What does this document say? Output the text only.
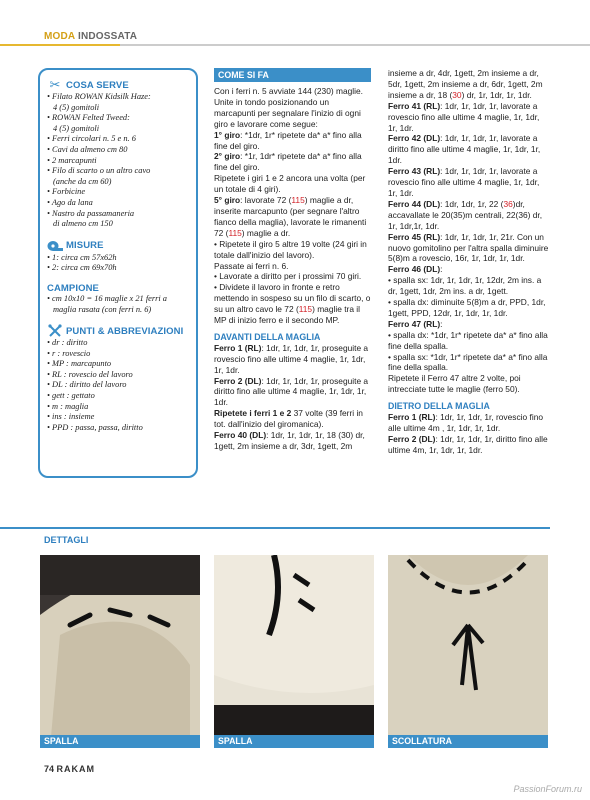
MODA INDOSSATA
✂ COSA SERVE
• Filato ROWAN Kidsilk Haze:
4 (5) gomitoli
• ROWAN Felted Tweed:
4 (5) gomitoli
• Ferri circolari n. 5 e n. 6
• Cavi da almeno cm 80
• 2 marcapunti
• Filo di scarto o un altro cavo
(anche da cm 60)
• Forbicine
• Ago da lana
• Nastro da passamaneria
di almeno cm 150
MISURE
• 1: circa cm 57x62h
• 2: circa cm 69x70h
CAMPIONE
• cm 10x10 = 16 maglie x 21 ferri a
maglia rasata (con ferri n. 6)
PUNTI & ABBREVIAZIONI
• dr : diritto
• r : rovescio
• MP : marcapunto
• RL : rovescio del lavoro
• DL : diritto del lavoro
• gett : gettato
• m : maglia
• ins : insieme
• PPD : passa, passa, diritto
COME SI FA

Con i ferri n. 5 avviate 144 (230) maglie. Unite in tondo posizionando un marcapunti per segnalare l'inizio di ogni giro e lavorare come segue:

1° giro: *1dr, 1r* ripetete da* a* fino alla fine del giro.

2° giro: *1r, 1dr* ripetete da* a* fino alla fine del giro.

Ripetete i giri 1 e 2 ancora una volta (per un totale di 4 giri).

5° giro: lavorate 72 (115) maglie a dr, inserite marcapunto (per segnare l'altro fianco della maglia), lavorate le rimanenti 72 (115) maglie a dr.

• Ripetete il giro 5 altre 19 volte (24 giri in totale dall'inizio del lavoro).

Passate ai ferri n. 6.

• Lavorate a diritto per i prossimi 70 giri.

• Dividete il lavoro in fronte e retro mettendo in sospeso su un filo di scarto, o su un altro cavo le 72 (115) maglie tra il MP di inizio ferro e il secondo MP.

DAVANTI DELLA MAGLIA

Ferro 1 (RL): 1dr, 1r, 1dr, 1r, proseguite a rovescio fino alle ultime 4 maglie, 1r, 1dr, 1r, 1dr.

Ferro 2 (DL): 1dr, 1r, 1dr, 1r, proseguite a diritto fino alle ultime 4 maglie, 1r, 1dr, 1r, 1dr.

Ripetete i ferri 1 e 2 37 volte (39 ferri in tot. dall'inizio del giromanica).

Ferro 40 (DL): 1dr, 1r, 1dr, 1r, 18 (30) dr, 1gett, 2m insieme a dr, 3dr, 1gett, 2m

insieme a dr, 4dr, 1gett, 2m insieme a dr, 5dr, 1gett, 2m insieme a dr, 6dr, 1gett, 2m insieme a dr, 18 (30) dr, 1r, 1dr, 1r, 1dr.

Ferro 41 (RL): 1dr, 1r, 1dr, 1r, lavorate a rovescio fino alle ultime 4 maglie, 1r, 1dr, 1r, 1dr.

Ferro 42 (DL): 1dr, 1r, 1dr, 1r, lavorate a diritto fino alle ultime 4 maglie, 1r, 1dr, 1r, 1dr.

Ferro 43 (RL): 1dr, 1r, 1dr, 1r, lavorate a rovescio fino alle ultime 4 maglie, 1r, 1dr, 1r, 1dr.

Ferro 44 (DL): 1dr, 1dr, 1r, 22 (36)dr, accavallate le 20(35)m centrali, 22(36) dr, 1r, 1dr,1r, 1dr.

Ferro 45 (RL): 1dr, 1r, 1dr, 1r, 21r. Con un nuovo gomitolino per l'altra spalla diminuire 5(8)m a rovescio, 16r, 1r, 1dr, 1r, 1dr.

Ferro 46 (DL):

• spalla sx: 1dr, 1r, 1dr, 1r, 12dr, 2m ins. a dr, 1gett, 1dr, 2m ins. a dr, 1gett.

• spalla dx: diminuite 5(8)m a dr, PPD, 1dr, 1gett, PPD, 12dr, 1r, 1dr, 1r, 1dr.

Ferro 47 (RL):

• spalla dx: *1dr, 1r* ripetete da* a* fino alla fine della spalla.

• spalla sx: *1dr, 1r* ripetete da* a* fino alla fine della spalla.

Ripetete il Ferro 47 altre 2 volte, poi intrecciate tutte le maglie (ferro 50).

DIETRO DELLA MAGLIA

Ferro 1 (RL): 1dr, 1r, 1dr, 1r, rovescio fino alle ultime 4m , 1r, 1dr, 1r, 1dr.

Ferro 2 (DL): 1dr, 1r, 1dr, 1r, diritto fino alle ultime 4m, 1r, 1dr, 1r, 1dr.

DETTAGLI
SPALLA	SPALLA	SCOLLATURA
74 RAKAM
PassionForum.ru
